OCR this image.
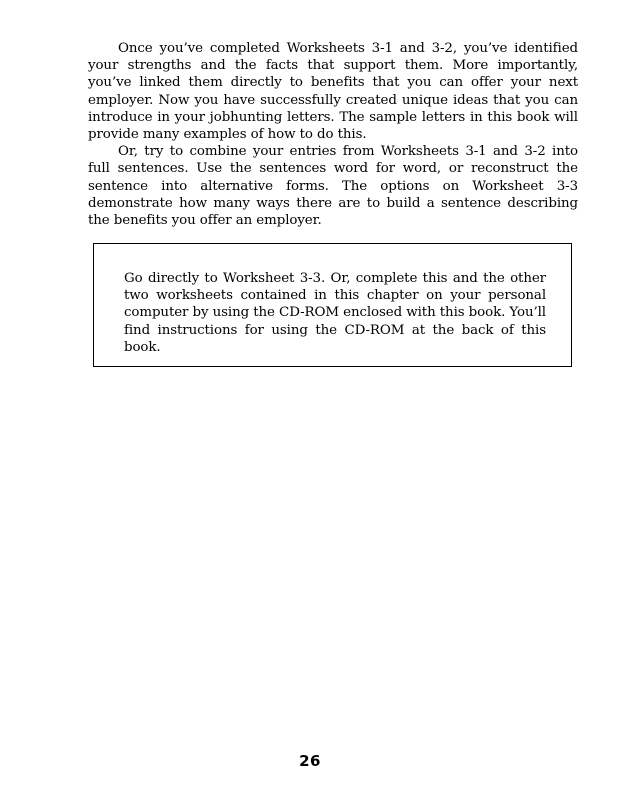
Once you’ve completed Worksheets 3-1 and 3-2, you’ve identified your strengths and the facts that support them. More importantly, you’ve linked them directly to benefits that you can offer your next employer. Now you have successfully created unique ideas that you can introduce in your jobhunting letters. The sample letters in this book will provide many examples of how to do this.

Or, try to combine your entries from Worksheets 3-1 and 3-2 into full sentences. Use the sentences word for word, or reconstruct the sentence into alternative forms. The options on Worksheet 3-3 demonstrate how many ways there are to build a sentence describing the benefits you offer an employer.

Go directly to Worksheet 3-3. Or, complete this and the other two worksheets contained in this chapter on your personal computer by using the CD-ROM enclosed with this book. You’ll find instructions for using the CD-ROM at the back of this book.

26
